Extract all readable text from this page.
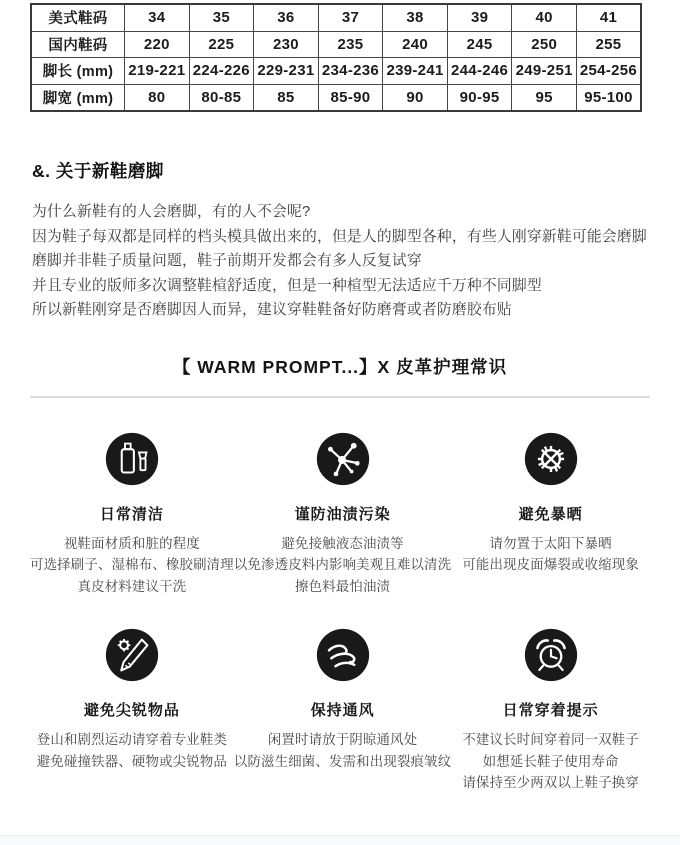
美式鞋码	34	35	36	37	38	39	40	41
国内鞋码	220	225	230	235	240	245	250	255
脚长 (mm)	219-221	224-226	229-231	234-236	239-241	244-246	249-251	254-256
脚宽 (mm)	80	80-85	85	85-90	90	90-95	95	95-100
&. 关于新鞋磨脚
为什么新鞋有的人会磨脚，有的人不会呢?
因为鞋子每双都是同样的档头模具做出来的，但是人的脚型各种，有些人刚穿新鞋可能会磨脚
磨脚并非鞋子质量问题，鞋子前期开发都会有多人反复试穿
并且专业的版师多次调整鞋楦舒适度，但是一种楦型无法适应千万种不同脚型
所以新鞋刚穿是否磨脚因人而异，建议穿鞋鞋备好防磨膏或者防磨胶布贴
【 WARM PROMPT...】X 皮革护理常识
日常清洁
视鞋面材质和脏的程度
可选择刷子、湿棉布、橡胶刷清理
真皮材料建议干洗
谨防油渍污染
避免接触液态油渍等
以免渗透皮料内影响美观且难以清洗
擦色料最怕油渍
避免暴晒
请勿置于太阳下暴晒
可能出现皮面爆裂或收缩现象
避免尖锐物品
登山和剧烈运动请穿着专业鞋类
避免碰撞铁器、硬物或尖锐物品
保持通风
闲置时请放于阴晾通风处
以防滋生细菌、发需和出现裂痕皱纹
日常穿着提示
不建议长时间穿着同一双鞋子
如想延长鞋子使用寿命
请保持至少两双以上鞋子换穿
